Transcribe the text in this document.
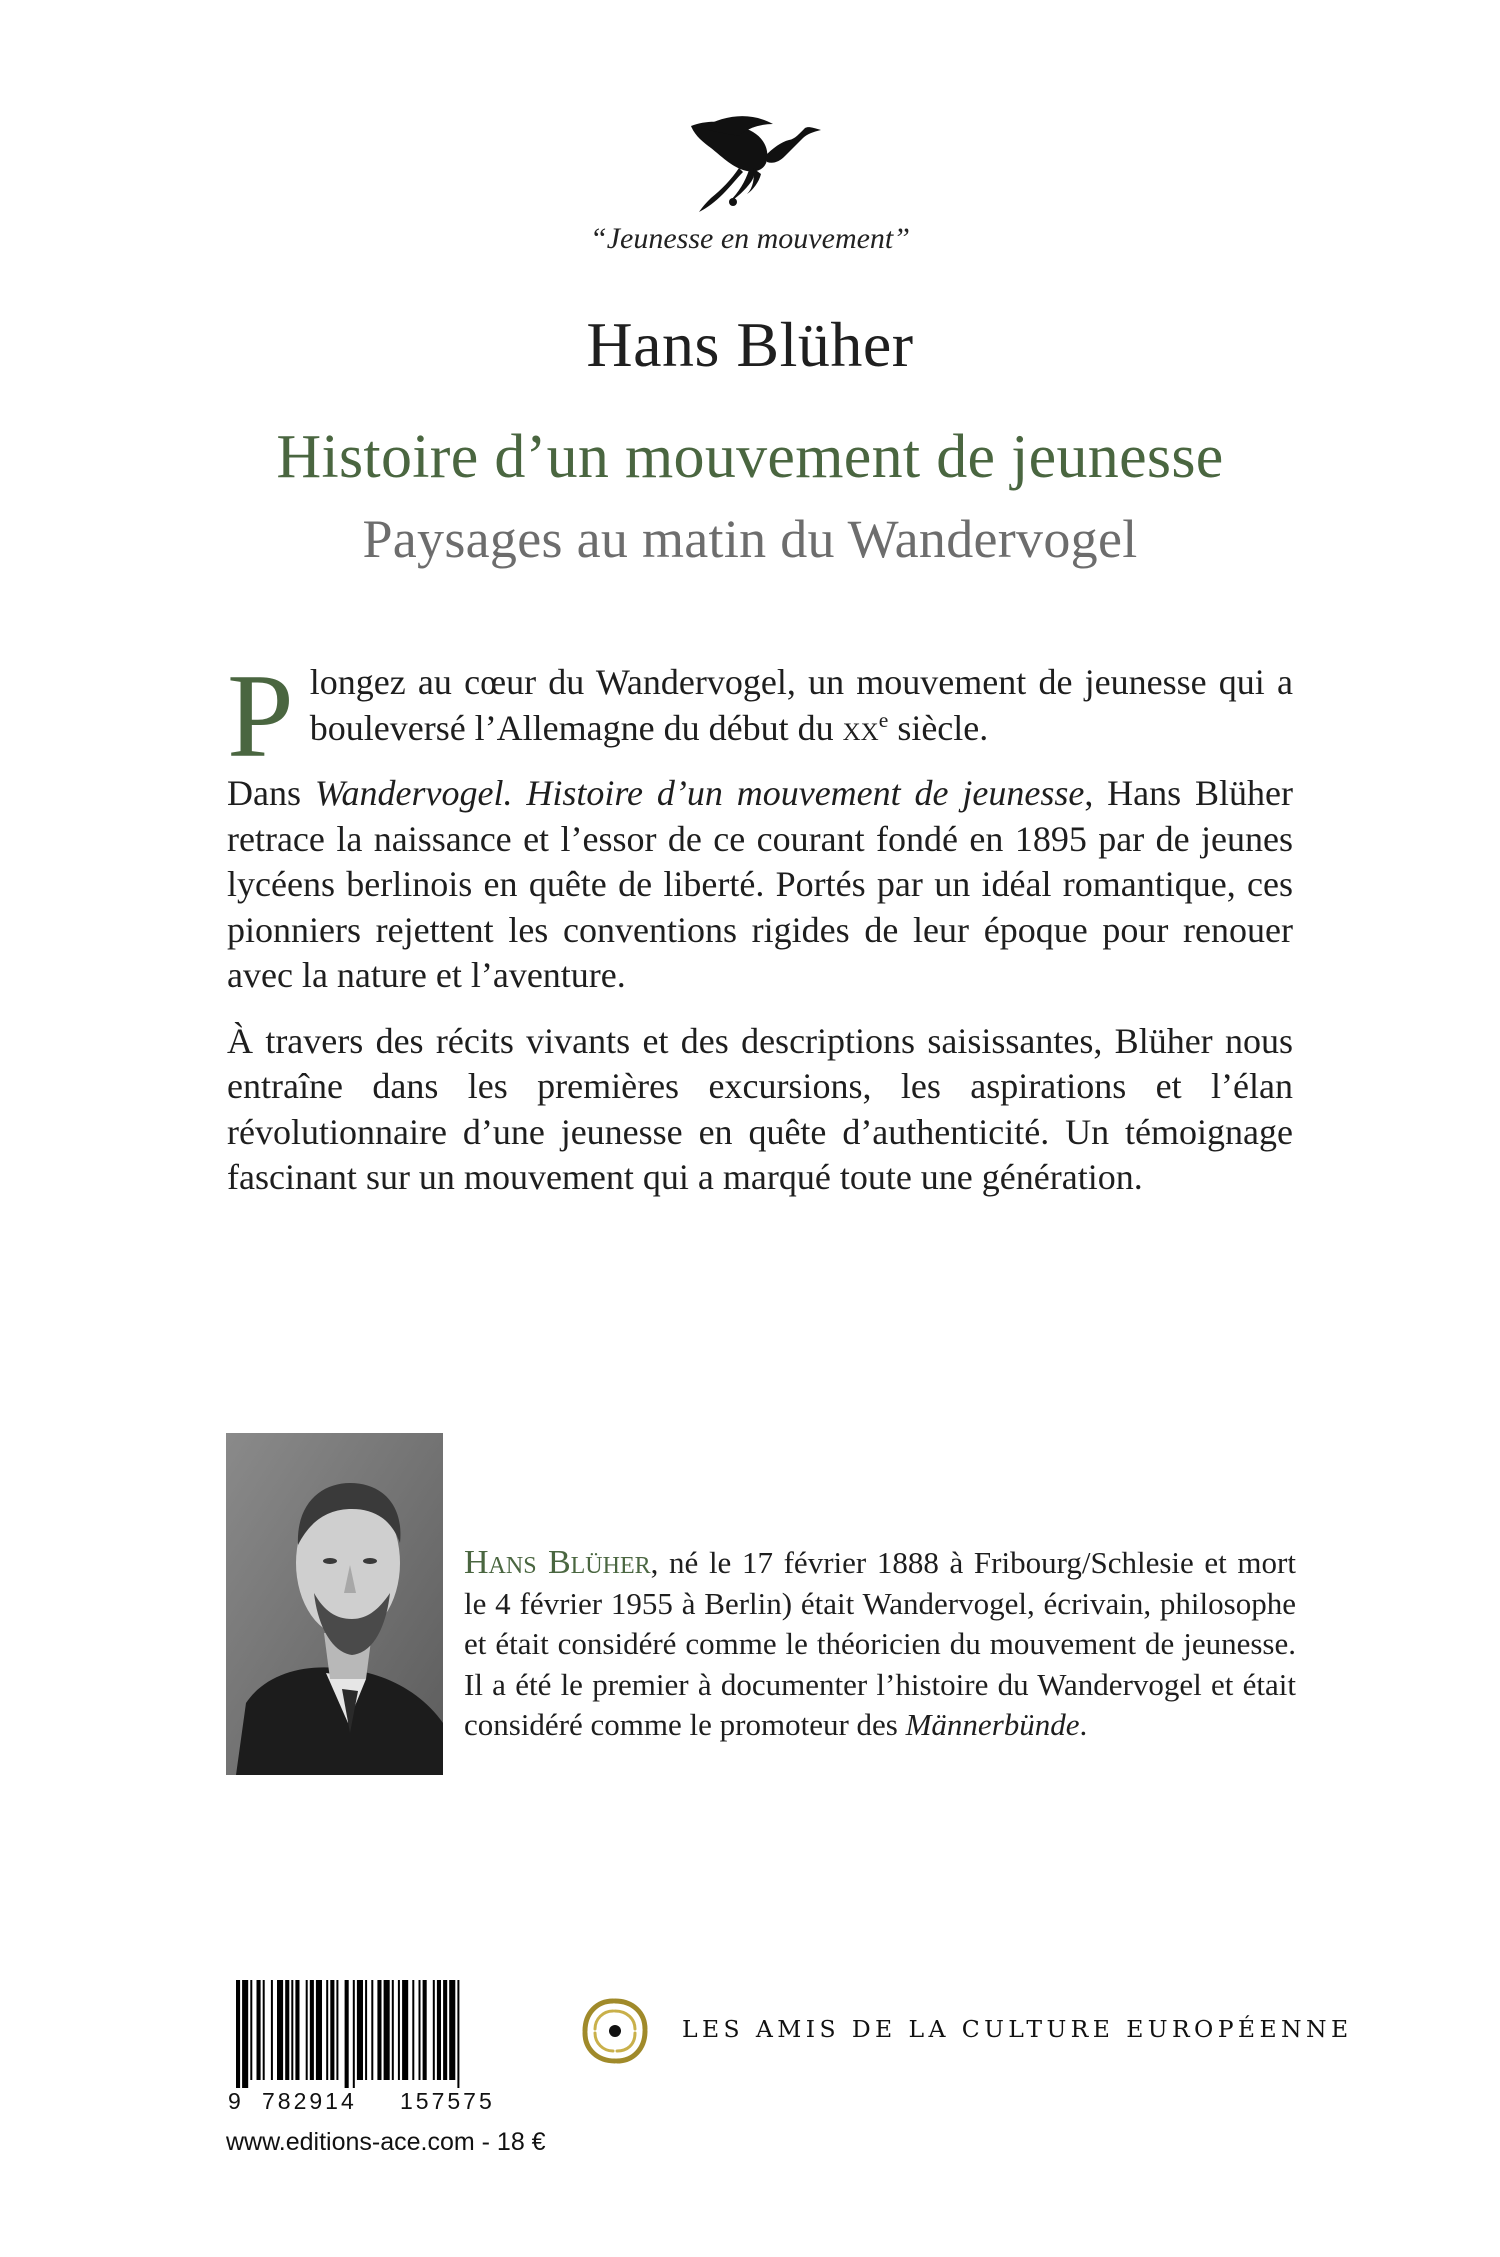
“Jeunesse en mouvement”
Hans Blüher
Histoire d’un mouvement de jeunesse
Paysages au matin du Wandervogel

Plongez au cœur du Wandervogel, un mouvement de jeunesse qui a bouleversé l’Allemagne du début du $xx^e$ siècle.

Dans Wandervogel. Histoire d’un mouvement de jeunesse, Hans Blüher retrace la naissance et l’essor de ce courant fondé en 1895 par de jeunes lycéens berlinois en quête de liberté. Portés par un idéal romantique, ces pionniers rejettent les conventions rigides de leur époque pour renouer avec la nature et l’aventure.

À travers des récits vivants et des descriptions saisissantes, Blüher nous entraîne dans les premières excursions, les aspirations et l’élan révolutionnaire d’une jeunesse en quête d’authenticité. Un témoignage fascinant sur un mouvement qui a marqué toute une génération.

Hans Blüher, né le 17 février 1888 à Fribourg/Schlesie et mort le 4 février 1955 à Berlin) était Wandervogel, écrivain, philosophe et était considéré comme le théoricien du mouvement de jeunesse. Il a été le premier à documenter l’histoire du Wandervogel et était considéré comme le promoteur des Männerbünde.
9 782914 157575
www.editions-ace.com - 18 €
LES AMIS DE LA CULTURE EUROPÉENNE
